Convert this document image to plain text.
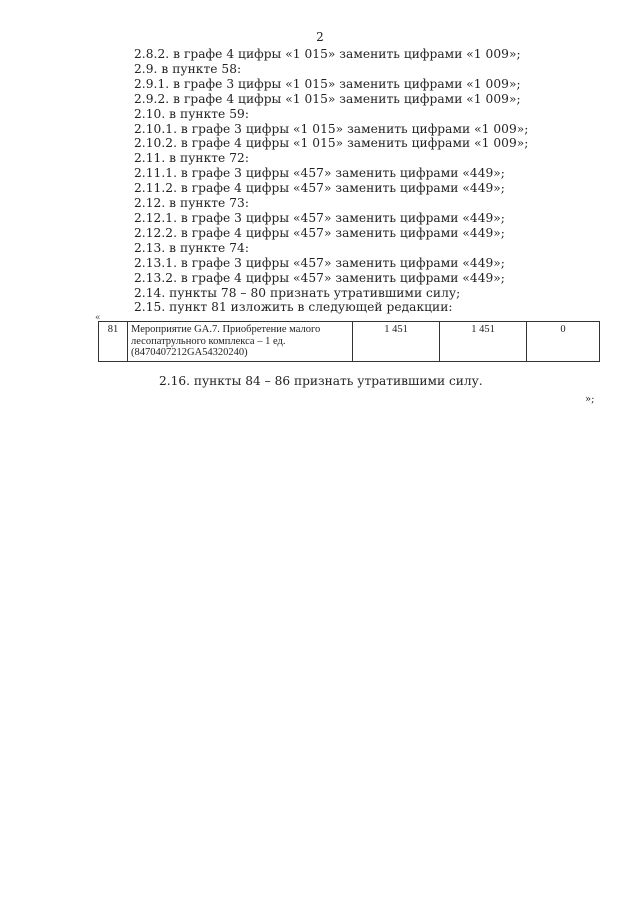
2
2.8.2. в графе 4 цифры «1 015» заменить цифрами «1 009»;
2.9. в пункте 58:
2.9.1. в графе 3 цифры «1 015» заменить цифрами «1 009»;
2.9.2. в графе 4 цифры «1 015» заменить цифрами «1 009»;
2.10. в пункте 59:
2.10.1. в графе 3 цифры «1 015» заменить цифрами «1 009»;
2.10.2. в графе 4 цифры «1 015» заменить цифрами «1 009»;
2.11. в пункте 72:
2.11.1. в графе 3 цифры «457» заменить цифрами «449»;
2.11.2. в графе 4 цифры «457» заменить цифрами «449»;
2.12. в пункте 73:
2.12.1. в графе 3 цифры «457» заменить цифрами «449»;
2.12.2. в графе 4 цифры «457» заменить цифрами «449»;
2.13. в пункте 74:
2.13.1. в графе 3 цифры «457» заменить цифрами «449»;
2.13.2. в графе 4 цифры «457» заменить цифрами «449»;
2.14. пункты 78 – 80 признать утратившими силу;
2.15. пункт 81 изложить в следующей редакции:
«
81	Мероприятие GA.7. Приобретение малого лесопатрульного комплекса – 1 ед. (8470407212GA54320240)	1 451	1 451	0
»;
2.16. пункты 84 – 86 признать утратившими силу.
